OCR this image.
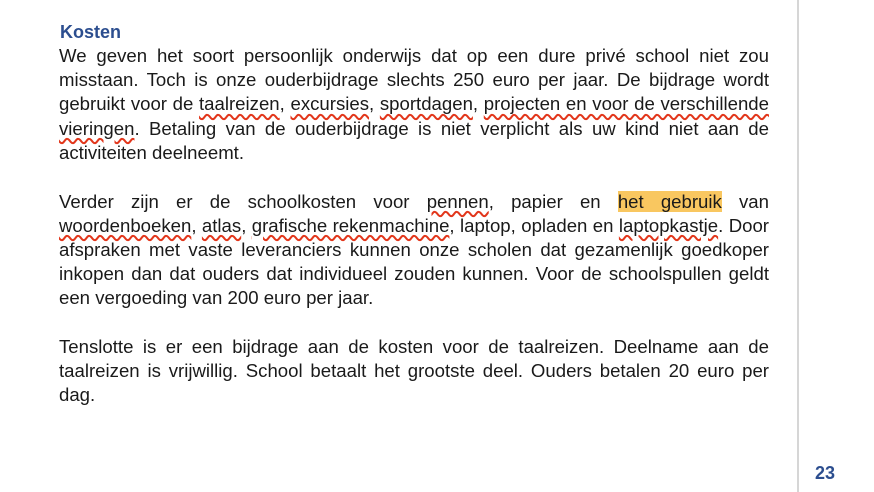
Kosten

We geven het soort persoonlijk onderwijs dat op een dure privé school niet zou misstaan. Toch is onze ouderbijdrage slechts 250 euro per jaar. De bijdrage wordt gebruikt voor de taalreizen, excursies, sportdagen, projecten en voor de verschillende vieringen. Betaling van de ouderbijdrage is niet verplicht als uw kind niet aan de activiteiten deelneemt.

Verder zijn er de schoolkosten voor pennen, papier en het gebruik van woordenboeken, atlas, grafische rekenmachine, laptop, opladen en laptopkastje. Door afspraken met vaste leveranciers kunnen onze scholen dat gezamenlijk goedkoper inkopen dan dat ouders dat individueel zouden kunnen. Voor de schoolspullen geldt een vergoeding van 200 euro per jaar.

Tenslotte is er een bijdrage aan de kosten voor de taalreizen. Deelname aan de taalreizen is vrijwillig. School betaalt het grootste deel. Ouders betalen 20 euro per dag.

23
